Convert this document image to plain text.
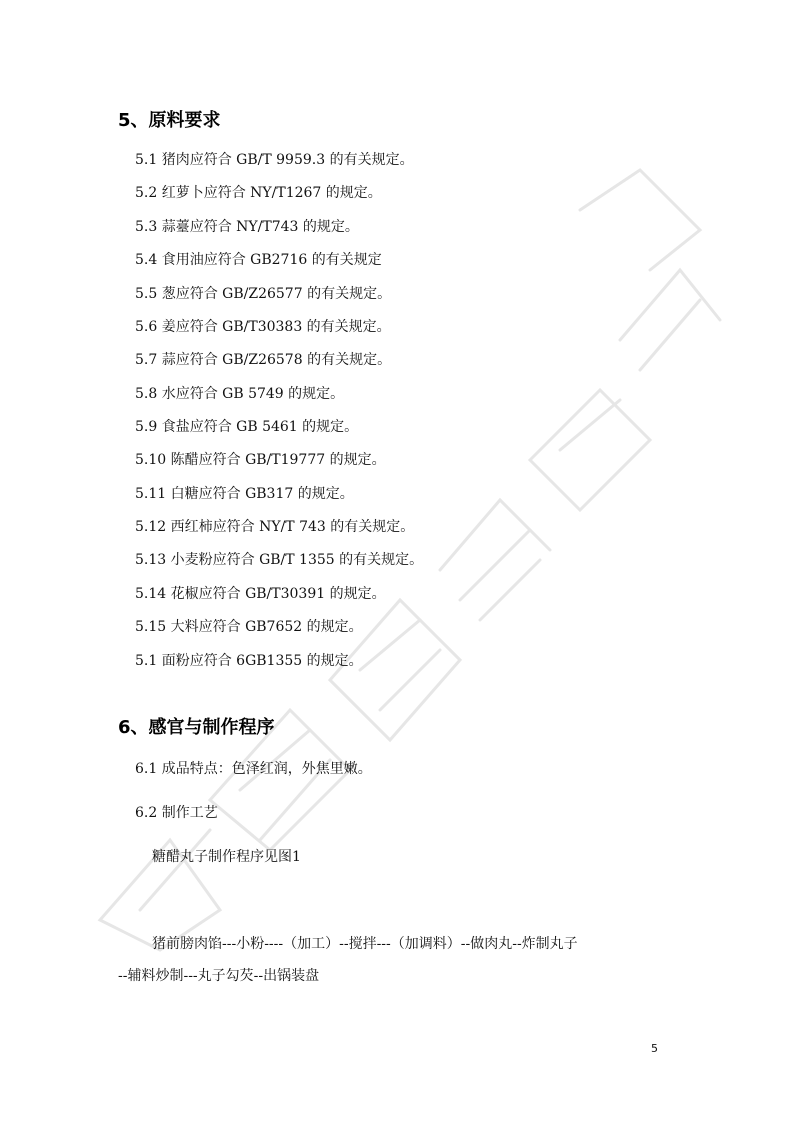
5、原料要求
5.1 猪肉应符合 GB/T 9959.3 的有关规定。
5.2 红萝卜应符合 NY/T1267 的规定。
5.3 蒜薹应符合 NY/T743 的规定。
5.4 食用油应符合 GB2716 的有关规定
5.5 葱应符合 GB/Z26577 的有关规定。
5.6 姜应符合 GB/T30383 的有关规定。
5.7 蒜应符合 GB/Z26578 的有关规定。
5.8 水应符合 GB 5749 的规定。
5.9 食盐应符合 GB 5461 的规定。
5.10 陈醋应符合 GB/T19777 的规定。
5.11 白糖应符合 GB317 的规定。
5.12 西红柿应符合 NY/T 743 的有关规定。
5.13 小麦粉应符合 GB/T 1355 的有关规定。
5.14 花椒应符合 GB/T30391 的规定。
5.15 大料应符合 GB7652 的规定。
5.1 面粉应符合 6GB1355 的规定。
6、感官与制作程序
6.1 成品特点：色泽红润，外焦里嫩。
6.2 制作工艺
糖醋丸子制作程序见图1
猪前膀肉馅---小粉----（加工）--搅拌---（加调料）--做肉丸--炸制丸子
--辅料炒制---丸子勾芡--出锅装盘
5
